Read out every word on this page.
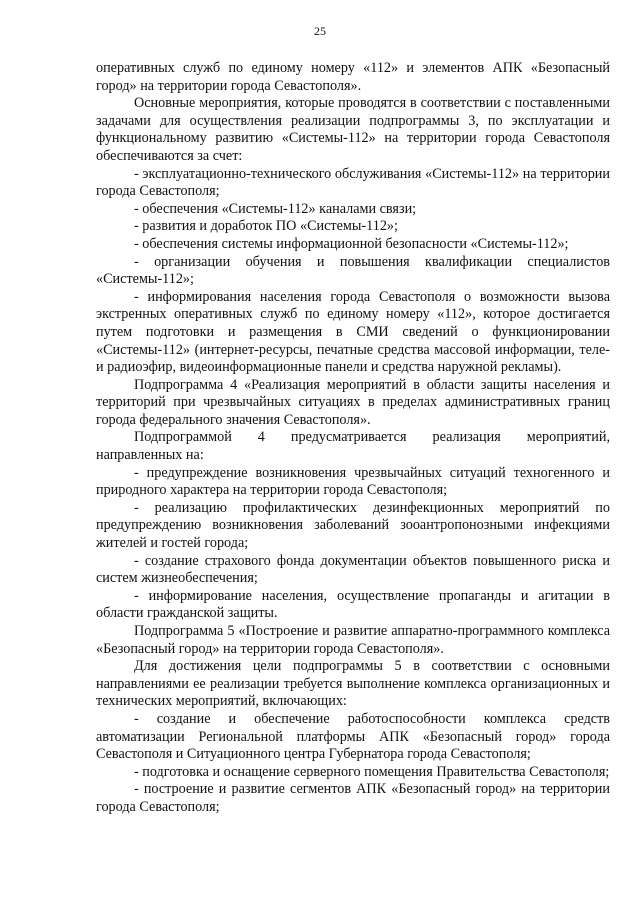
25

оперативных служб по единому номеру «112» и элементов АПК «Безопасный город» на территории города Севастополя».

Основные мероприятия, которые проводятся в соответствии с поставленными задачами для осуществления реализации подпрограммы 3, по эксплуатации и функциональному развитию «Системы-112» на территории города Севастополя обеспечиваются за счет:

- эксплуатационно-технического обслуживания «Системы-112» на территории города Севастополя;

- обеспечения «Системы-112» каналами связи;

- развития и доработок ПО «Системы-112»;

- обеспечения системы информационной безопасности «Системы-112»;

- организации обучения и повышения квалификации специалистов «Системы-112»;

- информирования населения города Севастополя о возможности вызова экстренных оперативных служб по единому номеру «112», которое достигается путем подготовки и размещения в СМИ сведений о функционировании «Системы-112» (интернет-ресурсы, печатные средства массовой информации, теле- и радиоэфир, видеоинформационные панели и средства наружной рекламы).

Подпрограмма 4 «Реализация мероприятий в области защиты населения и территорий при чрезвычайных ситуациях в пределах административных границ города федерального значения Севастополя».

Подпрограммой 4 предусматривается реализация мероприятий, направленных на:

- предупреждение возникновения чрезвычайных ситуаций техногенного и природного характера на территории города Севастополя;

- реализацию профилактических дезинфекционных мероприятий по предупреждению возникновения заболеваний зооантропонозными инфекциями жителей и гостей города;

- создание страхового фонда документации объектов повышенного риска и систем жизнеобеспечения;

- информирование населения, осуществление пропаганды и агитации в области гражданской защиты.

Подпрограмма 5 «Построение и развитие аппаратно-программного комплекса «Безопасный город» на территории города Севастополя».

Для достижения цели подпрограммы 5 в соответствии с основными направлениями ее реализации требуется выполнение комплекса организационных и технических мероприятий, включающих:

- создание и обеспечение работоспособности комплекса средств автоматизации Региональной платформы АПК «Безопасный город» города Севастополя и Ситуационного центра Губернатора города Севастополя;

- подготовка и оснащение серверного помещения Правительства Севастополя;

- построение и развитие сегментов АПК «Безопасный город» на территории города Севастополя;
